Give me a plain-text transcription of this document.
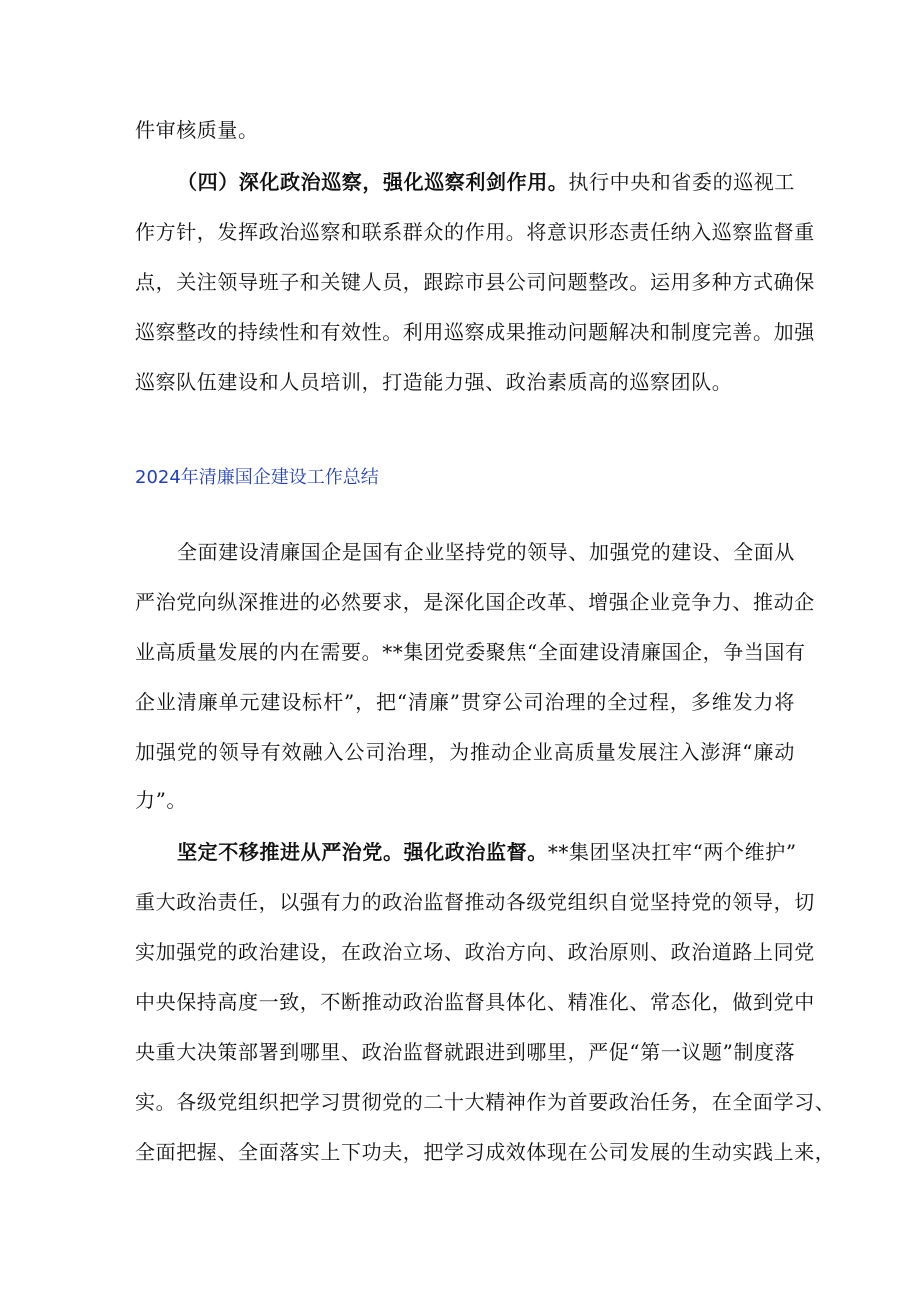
件审核质量。
（四）深化政治巡察，强化巡察利剑作用。执行中央和省委的巡视工
作方针，发挥政治巡察和联系群众的作用。将意识形态责任纳入巡察监督重
点，关注领导班子和关键人员，跟踪市县公司问题整改。运用多种方式确保
巡察整改的持续性和有效性。利用巡察成果推动问题解决和制度完善。加强
巡察队伍建设和人员培训，打造能力强、政治素质高的巡察团队。
2024年清廉国企建设工作总结
全面建设清廉国企是国有企业坚持党的领导、加强党的建设、全面从
严治党向纵深推进的必然要求，是深化国企改革、增强企业竞争力、推动企
业高质量发展的内在需要。**集团党委聚焦“全面建设清廉国企，争当国有
企业清廉单元建设标杆”，把“清廉”贯穿公司治理的全过程，多维发力将
加强党的领导有效融入公司治理，为推动企业高质量发展注入澎湃“廉动
力”。
坚定不移推进从严治党。强化政治监督。**集团坚决扛牢“两个维护”
重大政治责任，以强有力的政治监督推动各级党组织自觉坚持党的领导，切
实加强党的政治建设，在政治立场、政治方向、政治原则、政治道路上同党
中央保持高度一致，不断推动政治监督具体化、精准化、常态化，做到党中
央重大决策部署到哪里、政治监督就跟进到哪里，严促“第一议题”制度落
实。各级党组织把学习贯彻党的二十大精神作为首要政治任务，在全面学习、
全面把握、全面落实上下功夫，把学习成效体现在公司发展的生动实践上来，
